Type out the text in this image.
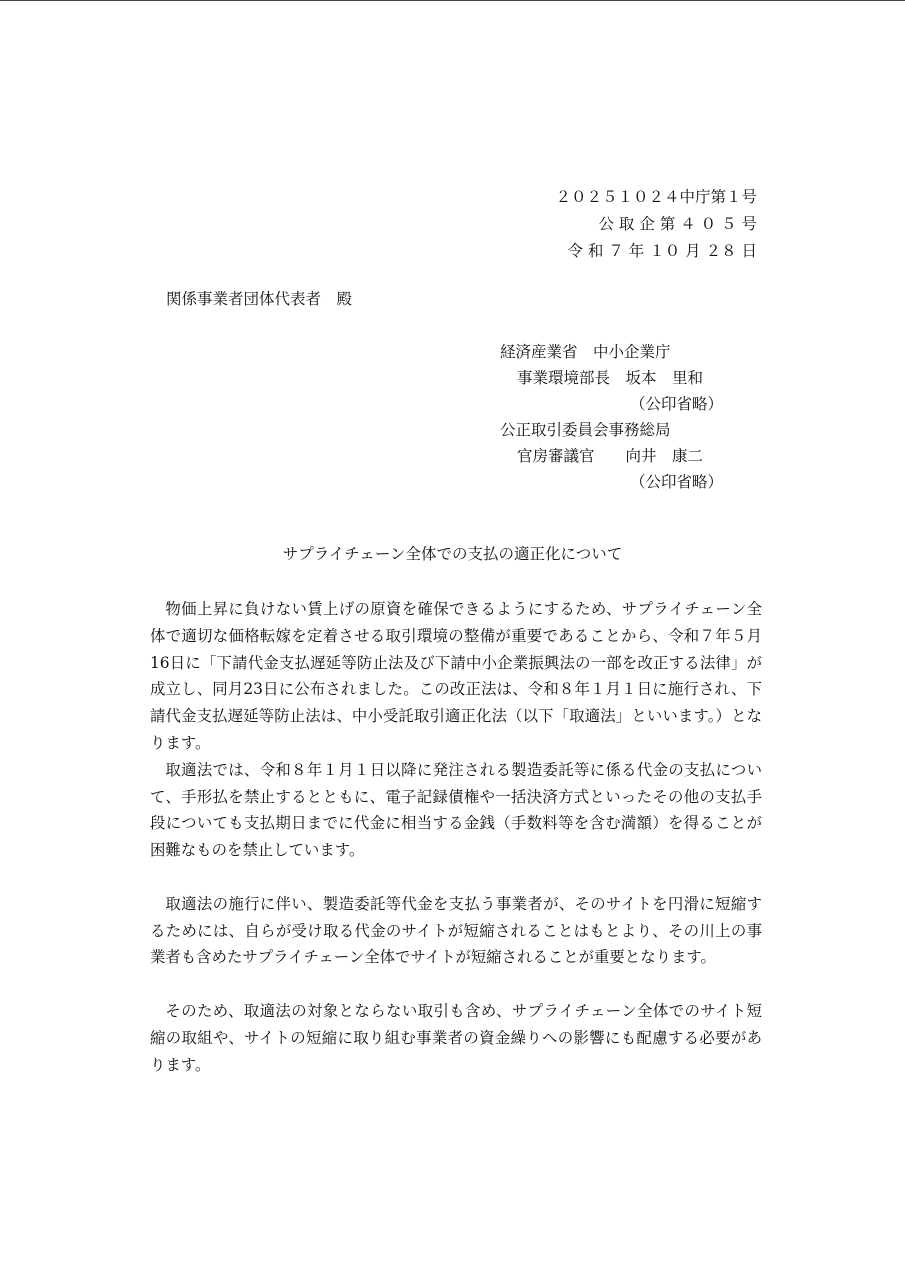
２０２５１０２４中庁第１号
公 取 企 第 ４ ０ ５ 号
令 和 ７ 年 １０ 月 ２８ 日
関係事業者団体代表者　殿
経済産業省　中小企業庁
事業環境部長　坂本　里和
（公印省略）
公正取引委員会事務総局
官房審議官　　向井　康二
（公印省略）
サプライチェーン全体での支払の適正化について

物価上昇に負けない賃上げの原資を確保できるようにするため、サプライチェーン全体で適切な価格転嫁を定着させる取引環境の整備が重要であることから、令和７年５月16日に「下請代金支払遅延等防止法及び下請中小企業振興法の一部を改正する法律」が成立し、同月23日に公布されました。この改正法は、令和８年１月１日に施行され、下請代金支払遅延等防止法は、中小受託取引適正化法（以下「取適法」といいます。）となります。

取適法では、令和８年１月１日以降に発注される製造委託等に係る代金の支払について、手形払を禁止するとともに、電子記録債権や一括決済方式といったその他の支払手段についても支払期日までに代金に相当する金銭（手数料等を含む満額）を得ることが困難なものを禁止しています。

取適法の施行に伴い、製造委託等代金を支払う事業者が、そのサイトを円滑に短縮するためには、自らが受け取る代金のサイトが短縮されることはもとより、その川上の事業者も含めたサプライチェーン全体でサイトが短縮されることが重要となります。

そのため、取適法の対象とならない取引も含め、サプライチェーン全体でのサイト短縮の取組や、サイトの短縮に取り組む事業者の資金繰りへの影響にも配慮する必要があります。
